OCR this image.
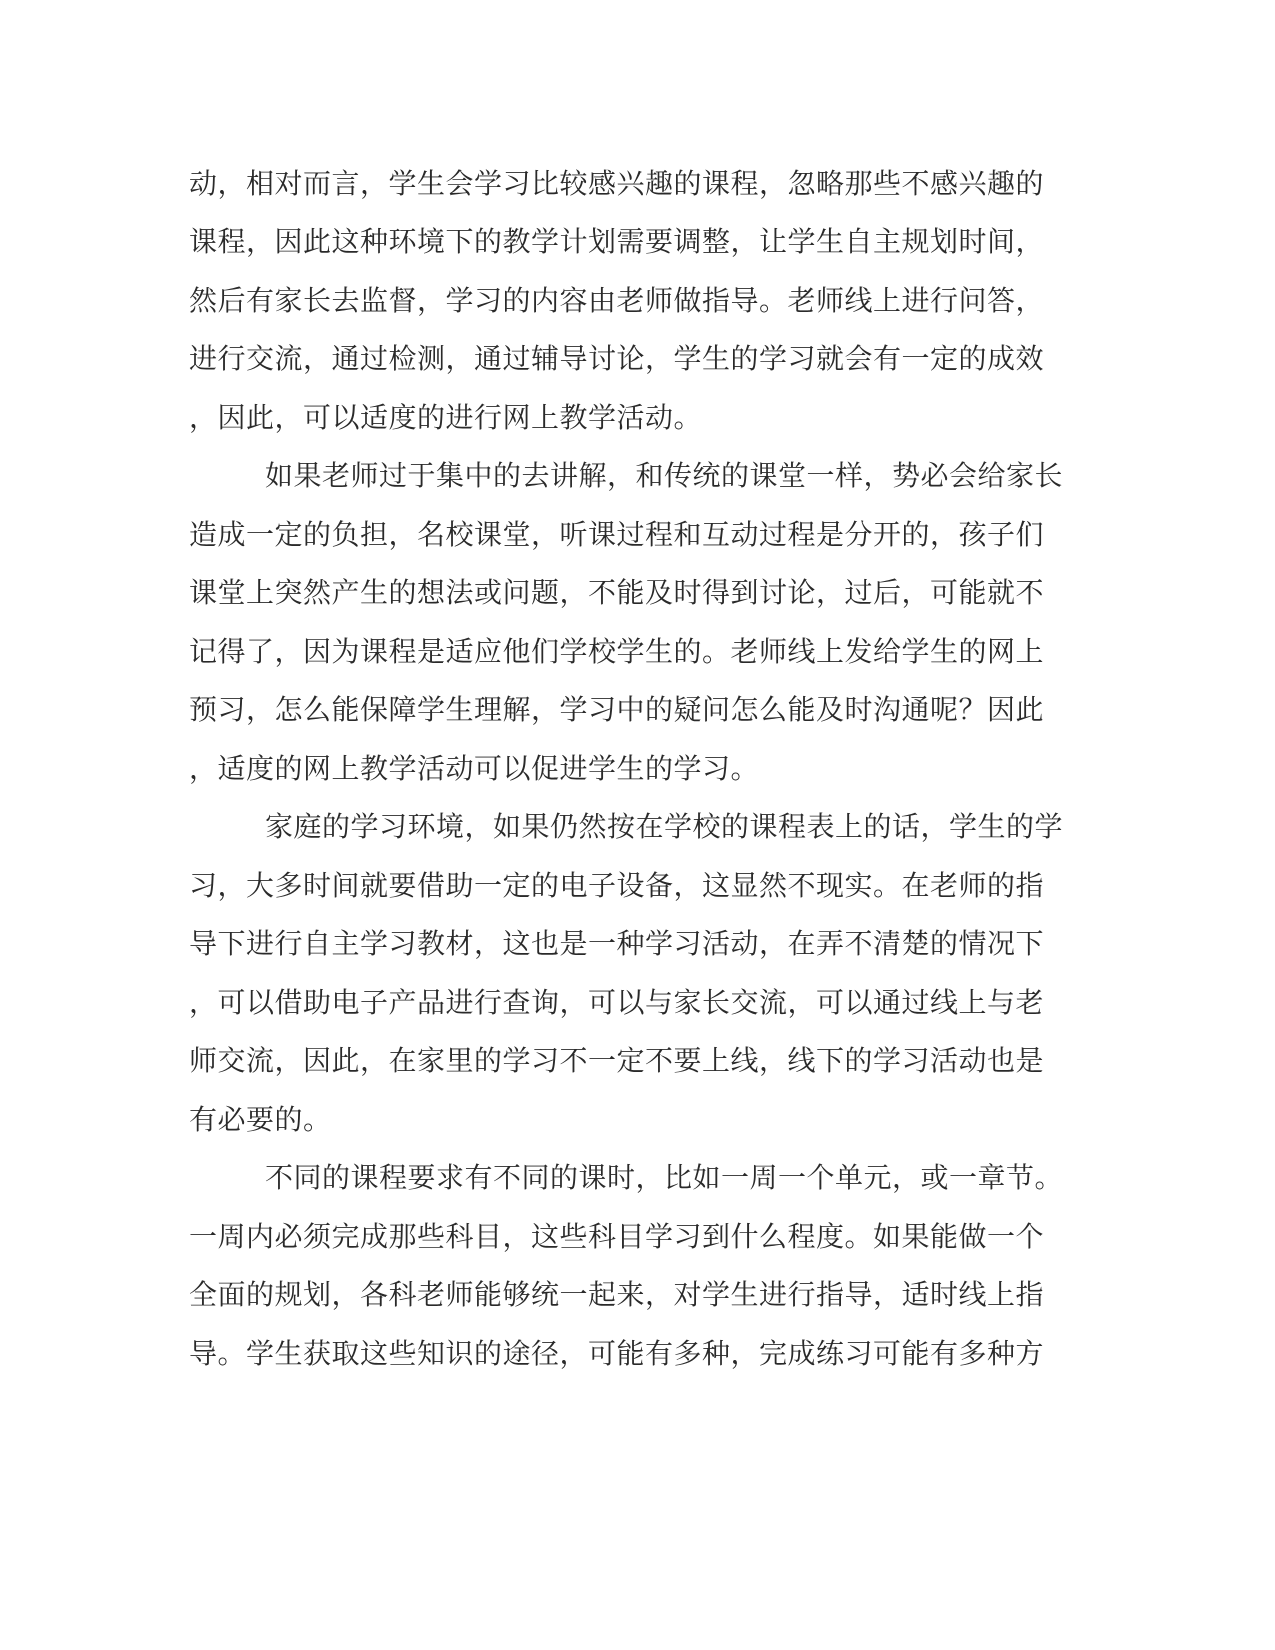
动，相对而言，学生会学习比较感兴趣的课程，忽略那些不感兴趣的

课程，因此这种环境下的教学计划需要调整，让学生自主规划时间，

然后有家长去监督，学习的内容由老师做指导。老师线上进行问答，

进行交流，通过检测，通过辅导讨论，学生的学习就会有一定的成效

，因此，可以适度的进行网上教学活动。

如果老师过于集中的去讲解，和传统的课堂一样，势必会给家长

造成一定的负担，名校课堂，听课过程和互动过程是分开的，孩子们

课堂上突然产生的想法或问题，不能及时得到讨论，过后，可能就不

记得了，因为课程是适应他们学校学生的。老师线上发给学生的网上

预习，怎么能保障学生理解，学习中的疑问怎么能及时沟通呢？因此

，适度的网上教学活动可以促进学生的学习。

家庭的学习环境，如果仍然按在学校的课程表上的话，学生的学

习，大多时间就要借助一定的电子设备，这显然不现实。在老师的指

导下进行自主学习教材，这也是一种学习活动，在弄不清楚的情况下

，可以借助电子产品进行查询，可以与家长交流，可以通过线上与老

师交流，因此，在家里的学习不一定不要上线，线下的学习活动也是

有必要的。

不同的课程要求有不同的课时，比如一周一个单元，或一章节。

一周内必须完成那些科目，这些科目学习到什么程度。如果能做一个

全面的规划，各科老师能够统一起来，对学生进行指导，适时线上指

导。学生获取这些知识的途径，可能有多种，完成练习可能有多种方
